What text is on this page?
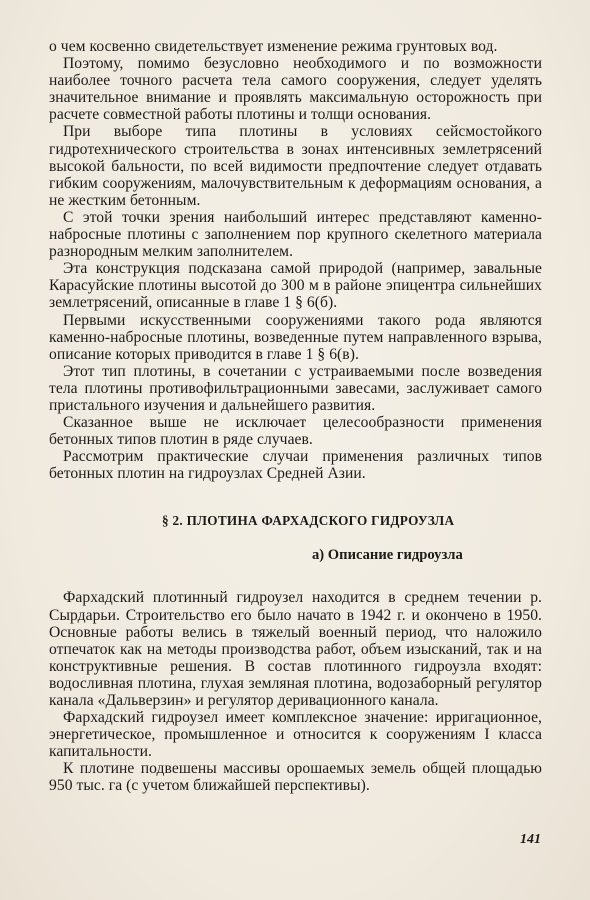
о чем косвенно свидетельствует изменение режима грунтовых вод.

Поэтому, помимо безусловно необходимого и по возможности наиболее точного расчета тела самого сооружения, следует уделять значительное внимание и проявлять максимальную осторожность при расчете совместной работы плотины и толщи основания.

При выборе типа плотины в условиях сейсмостойкого гидротехнического строительства в зонах интенсивных землетрясений высокой бальности, по всей видимости предпочтение следует отдавать гибким сооружениям, малочувствительным к деформациям основания, а не жестким бетонным.

С этой точки зрения наибольший интерес представляют каменно-набросные плотины с заполнением пор крупного скелетного материала разнородным мелким заполнителем.

Эта конструкция подсказана самой природой (например, завальные Карасуйские плотины высотой до 300 м в районе эпицентра сильнейших землетрясений, описанные в главе 1 § 6(б).

Первыми искусственными сооружениями такого рода являются каменно-набросные плотины, возведенные путем направленного взрыва, описание которых приводится в главе 1 § 6(в).

Этот тип плотины, в сочетании с устраиваемыми после возведения тела плотины противофильтрационными завесами, заслуживает самого пристального изучения и дальнейшего развития.

Сказанное выше не исключает целесообразности применения бетонных типов плотин в ряде случаев.

Рассмотрим практические случаи применения различных типов бетонных плотин на гидроузлах Средней Азии.

§ 2. ПЛОТИНА ФАРХАДСКОГО ГИДРОУЗЛА
а) Описание гидроузла

Фархадский плотинный гидроузел находится в среднем течении р. Сырдарьи. Строительство его было начато в 1942 г. и окончено в 1950. Основные работы велись в тяжелый военный период, что наложило отпечаток как на методы производства работ, объем изысканий, так и на конструктивные решения. В состав плотинного гидроузла входят: водосливная плотина, глухая земляная плотина, водозаборный регулятор канала «Дальверзин» и регулятор деривационного канала.

Фархадский гидроузел имеет комплексное значение: ирригационное, энергетическое, промышленное и относится к сооружениям I класса капитальности.

К плотине подвешены массивы орошаемых земель общей площадью 950 тыс. га (с учетом ближайшей перспективы).

141
